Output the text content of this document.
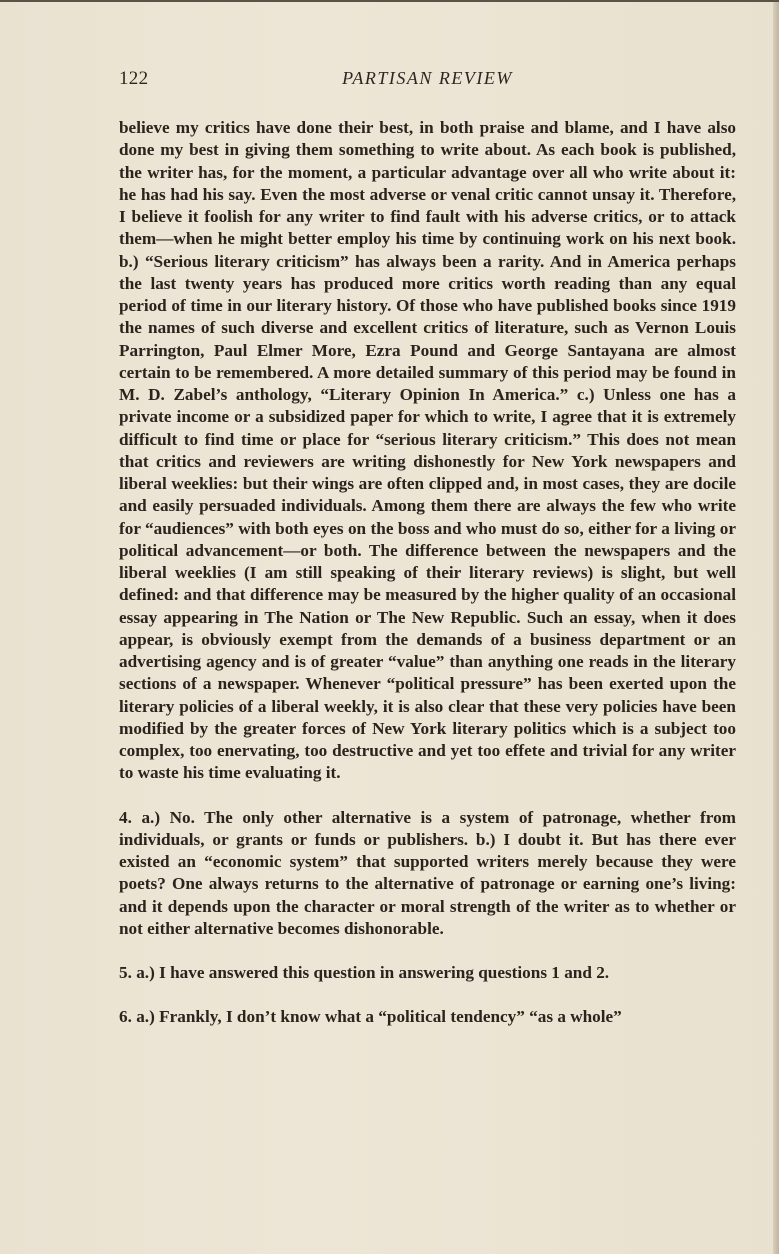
122	PARTISAN REVIEW

believe my critics have done their best, in both praise and blame, and I have also done my best in giving them something to write about. As each book is published, the writer has, for the moment, a particular advantage over all who write about it: he has had his say. Even the most adverse or venal critic cannot unsay it. Therefore, I believe it foolish for any writer to find fault with his adverse critics, or to attack them—when he might better employ his time by continuing work on his next book. b.) “Serious literary criticism” has always been a rarity. And in America perhaps the last twenty years has produced more critics worth reading than any equal period of time in our literary history. Of those who have published books since 1919 the names of such diverse and excellent critics of literature, such as Vernon Louis Parrington, Paul Elmer More, Ezra Pound and George Santayana are almost certain to be remembered. A more detailed summary of this period may be found in M. D. Zabel’s anthology, “Literary Opinion In America.” c.) Unless one has a private income or a subsidized paper for which to write, I agree that it is extremely difficult to find time or place for “serious literary criticism.” This does not mean that critics and reviewers are writing dishonestly for New York newspapers and liberal weeklies: but their wings are often clipped and, in most cases, they are docile and easily persuaded individuals. Among them there are always the few who write for “audiences” with both eyes on the boss and who must do so, either for a living or political advancement—or both. The difference between the newspapers and the liberal weeklies (I am still speaking of their literary reviews) is slight, but well defined: and that difference may be measured by the higher quality of an occasional essay appearing in The Nation or The New Republic. Such an essay, when it does appear, is obviously exempt from the demands of a business department or an advertising agency and is of greater “value” than anything one reads in the literary sections of a newspaper. Whenever “political pressure” has been exerted upon the literary policies of a liberal weekly, it is also clear that these very policies have been modified by the greater forces of New York literary politics which is a subject too complex, too enervating, too destructive and yet too effete and trivial for any writer to waste his time evaluating it.

4. a.) No. The only other alternative is a system of patronage, whether from individuals, or grants or funds or publishers. b.) I doubt it. But has there ever existed an “economic system” that supported writers merely because they were poets? One always returns to the alternative of patronage or earning one’s living: and it depends upon the character or moral strength of the writer as to whether or not either alternative becomes dishonorable.

5. a.) I have answered this question in answering questions 1 and 2.

6. a.) Frankly, I don’t know what a “political tendency” “as a whole”
